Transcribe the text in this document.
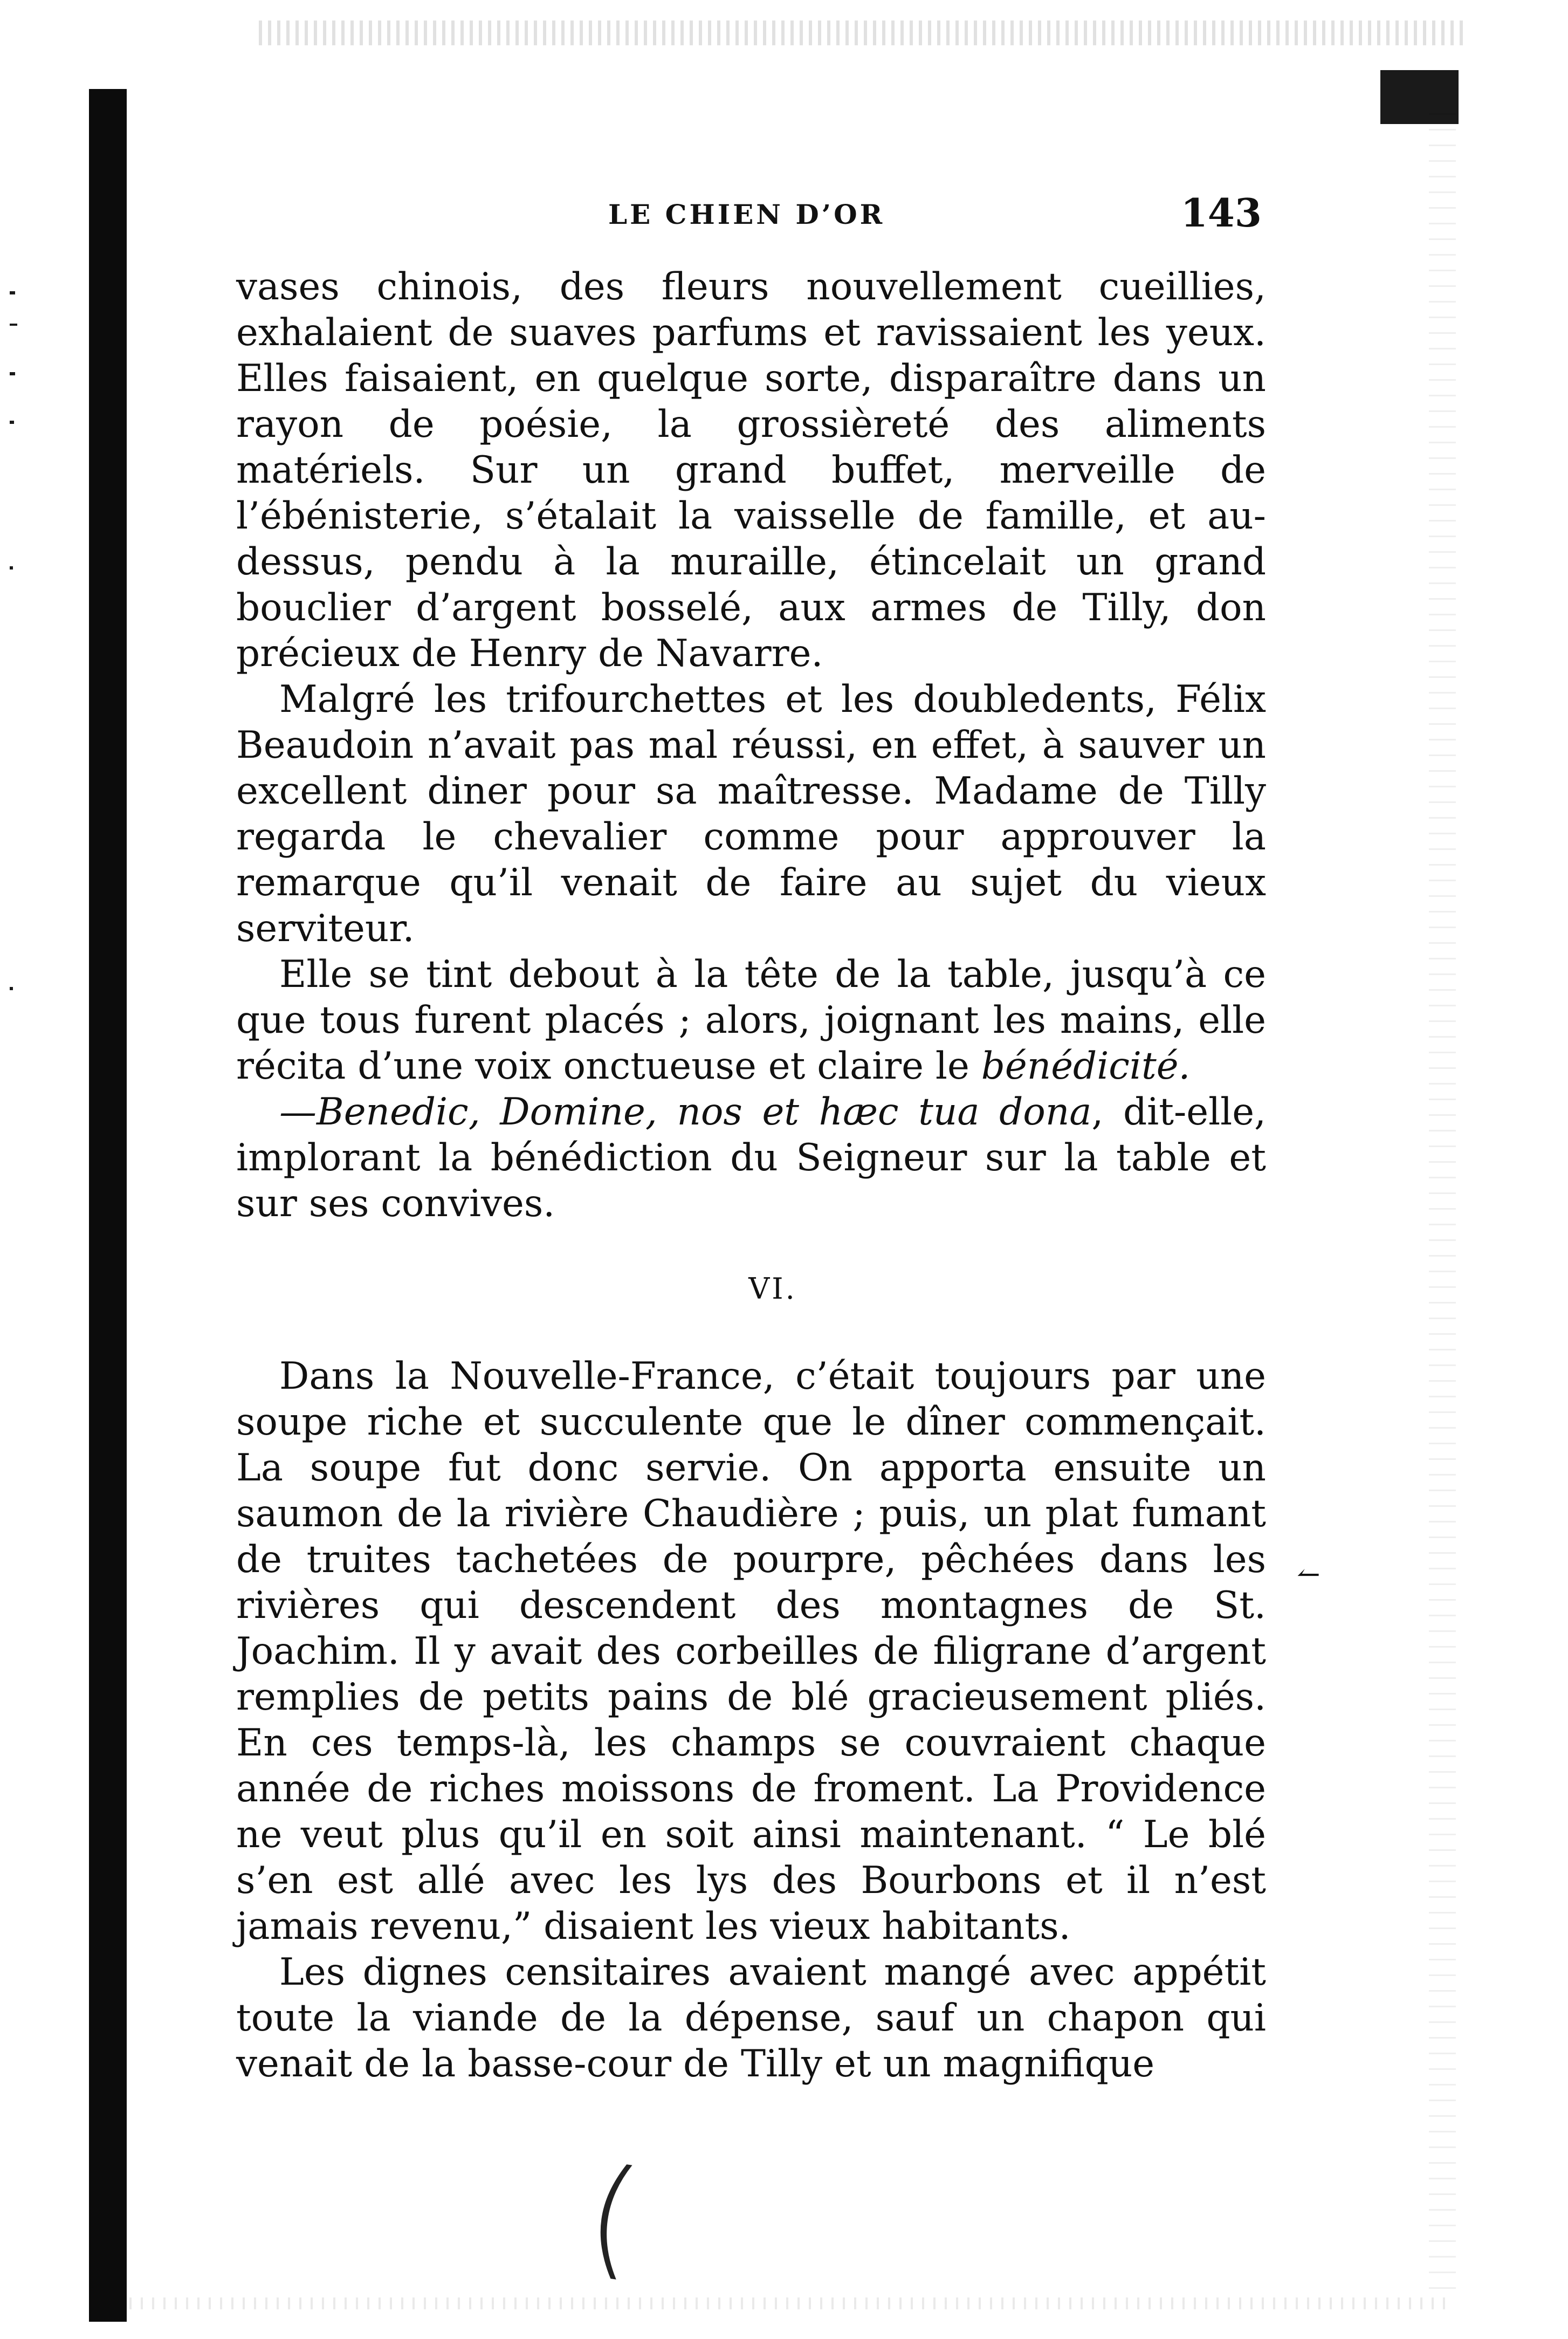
LE CHIEN D’OR	143

vases chinois, des fleurs nouvellement cueillies, exhalaient de suaves parfums et ravissaient les yeux. Elles faisaient, en quelque sorte, disparaître dans un rayon de poésie, la grossièreté des aliments matériels. Sur un grand buffet, merveille de l’ébénisterie, s’étalait la vaisselle de famille, et au-dessus, pendu à la muraille, étincelait un grand bouclier d’argent bosselé, aux armes de Tilly, don précieux de Henry de Navarre.

Malgré les trifourchettes et les doubledents, Félix Beaudoin n’avait pas mal réussi, en effet, à sauver un excellent diner pour sa maîtresse. Madame de Tilly regarda le chevalier comme pour approuver la remarque qu’il venait de faire au sujet du vieux serviteur.

Elle se tint debout à la tête de la table, jusqu’à ce que tous furent placés ; alors, joignant les mains, elle récita d’une voix onctueuse et claire le bénédicité.

—Benedic, Domine, nos et hæc tua dona, dit-elle, implorant la bénédiction du Seigneur sur la table et sur ses convives.

VI.

Dans la Nouvelle-France, c’était toujours par une soupe riche et succulente que le dîner commençait. La soupe fut donc servie. On apporta ensuite un saumon de la rivière Chaudière ; puis, un plat fumant de truites tachetées de pourpre, pêchées dans les rivières qui descendent des montagnes de St. Joachim. Il y avait des corbeilles de filigrane d’argent remplies de petits pains de blé gracieusement pliés. En ces temps-là, les champs se couvraient chaque année de riches moissons de froment. La Providence ne veut plus qu’il en soit ainsi maintenant. “ Le blé s’en est allé avec les lys des Bourbons et il n’est jamais revenu,” disaient les vieux habitants.

Les dignes censitaires avaient mangé avec appétit toute la viande de la dépense, sauf un chapon qui venait de la basse-cour de Tilly et un magnifique

↼
(
